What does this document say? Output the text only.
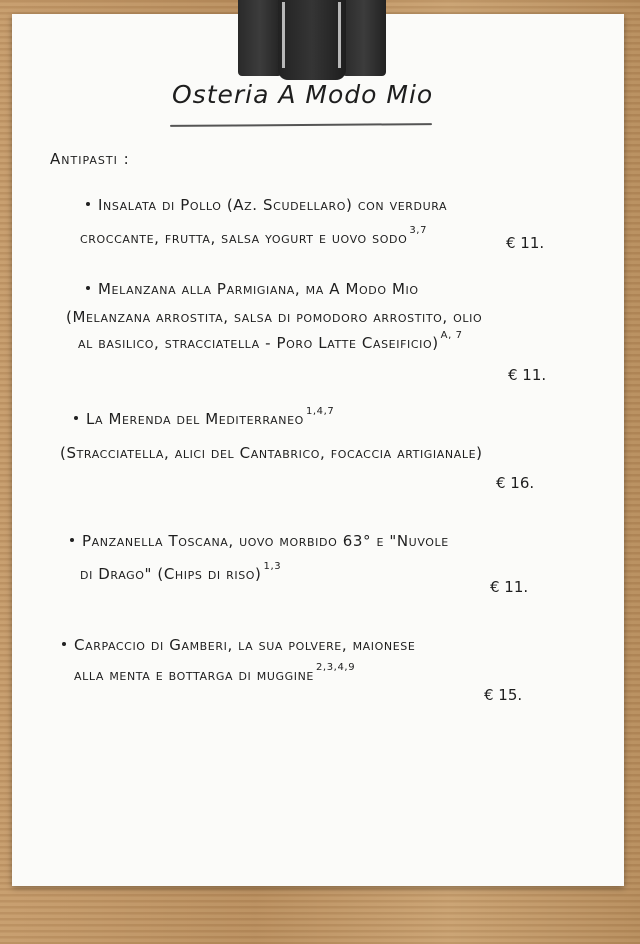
Osteria A Modo Mio
Antipasti :
Insalata di Pollo (Az. Scudellaro) con verdura
croccante, frutta, salsa yogurt e uovo sodo $^{3,7}$
€ 11.
Melanzana alla Parmigiana, ma A Modo Mio
(Melanzana arrostita, salsa di pomodoro arrostito, olio
al basilico, stracciatella - Poro Latte Caseificio) $^{A, 7}$
€ 11.
La Merenda del Mediterraneo $^{1,4,7}$
(Stracciatella, alici del Cantabrico, focaccia artigianale)
€ 16.
Panzanella Toscana, uovo morbido 63° e "Nuvole
di Drago" (Chips di riso) $^{1,3}$
€ 11.
Carpaccio di Gamberi, la sua polvere, maionese
alla menta e bottarga di muggine $^{2,3,4,9}$
€ 15.
